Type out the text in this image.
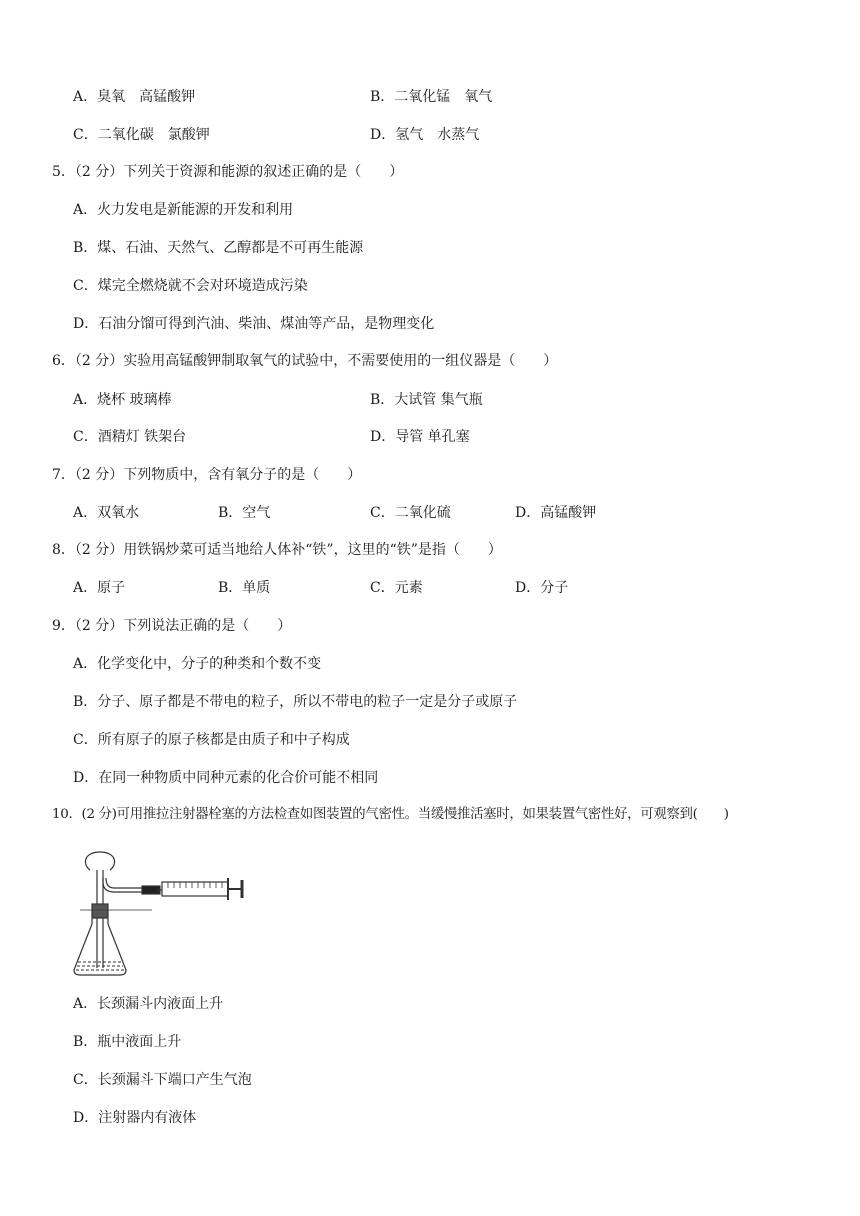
A．臭氧　高锰酸钾	B．二氧化锰　氧气
C．二氧化碳　氯酸钾	D．氢气　水蒸气
5．（2 分）下列关于资源和能源的叙述正确的是（　　）
A．火力发电是新能源的开发和利用
B．煤、石油、天然气、乙醇都是不可再生能源
C．煤完全燃烧就不会对环境造成污染
D．石油分馏可得到汽油、柴油、煤油等产品，是物理变化
6．（2 分）实验用高锰酸钾制取氧气的试验中，不需要使用的一组仪器是（　　）
A．烧杯 玻璃棒	B．大试管 集气瓶
C．酒精灯 铁架台	D．导管 单孔塞
7．（2 分）下列物质中，含有氧分子的是（　　）
A．双氧水	B．空气	C．二氧化硫	D．高锰酸钾
8．（2 分）用铁锅炒菜可适当地给人体补“铁”，这里的“铁”是指（　　）
A．原子	B．单质	C．元素	D．分子
9．（2 分）下列说法正确的是（　　）
A．化学变化中，分子的种类和个数不变
B．分子、原子都是不带电的粒子，所以不带电的粒子一定是分子或原子
C．所有原子的原子核都是由质子和中子构成
D．在同一种物质中同种元素的化合价可能不相同
10．(2 分)可用推拉注射器栓塞的方法检查如图装置的气密性。当缓慢推活塞时，如果装置气密性好，可观察到(　　)
A．长颈漏斗内液面上升
B．瓶中液面上升
C．长颈漏斗下端口产生气泡
D．注射器内有液体
